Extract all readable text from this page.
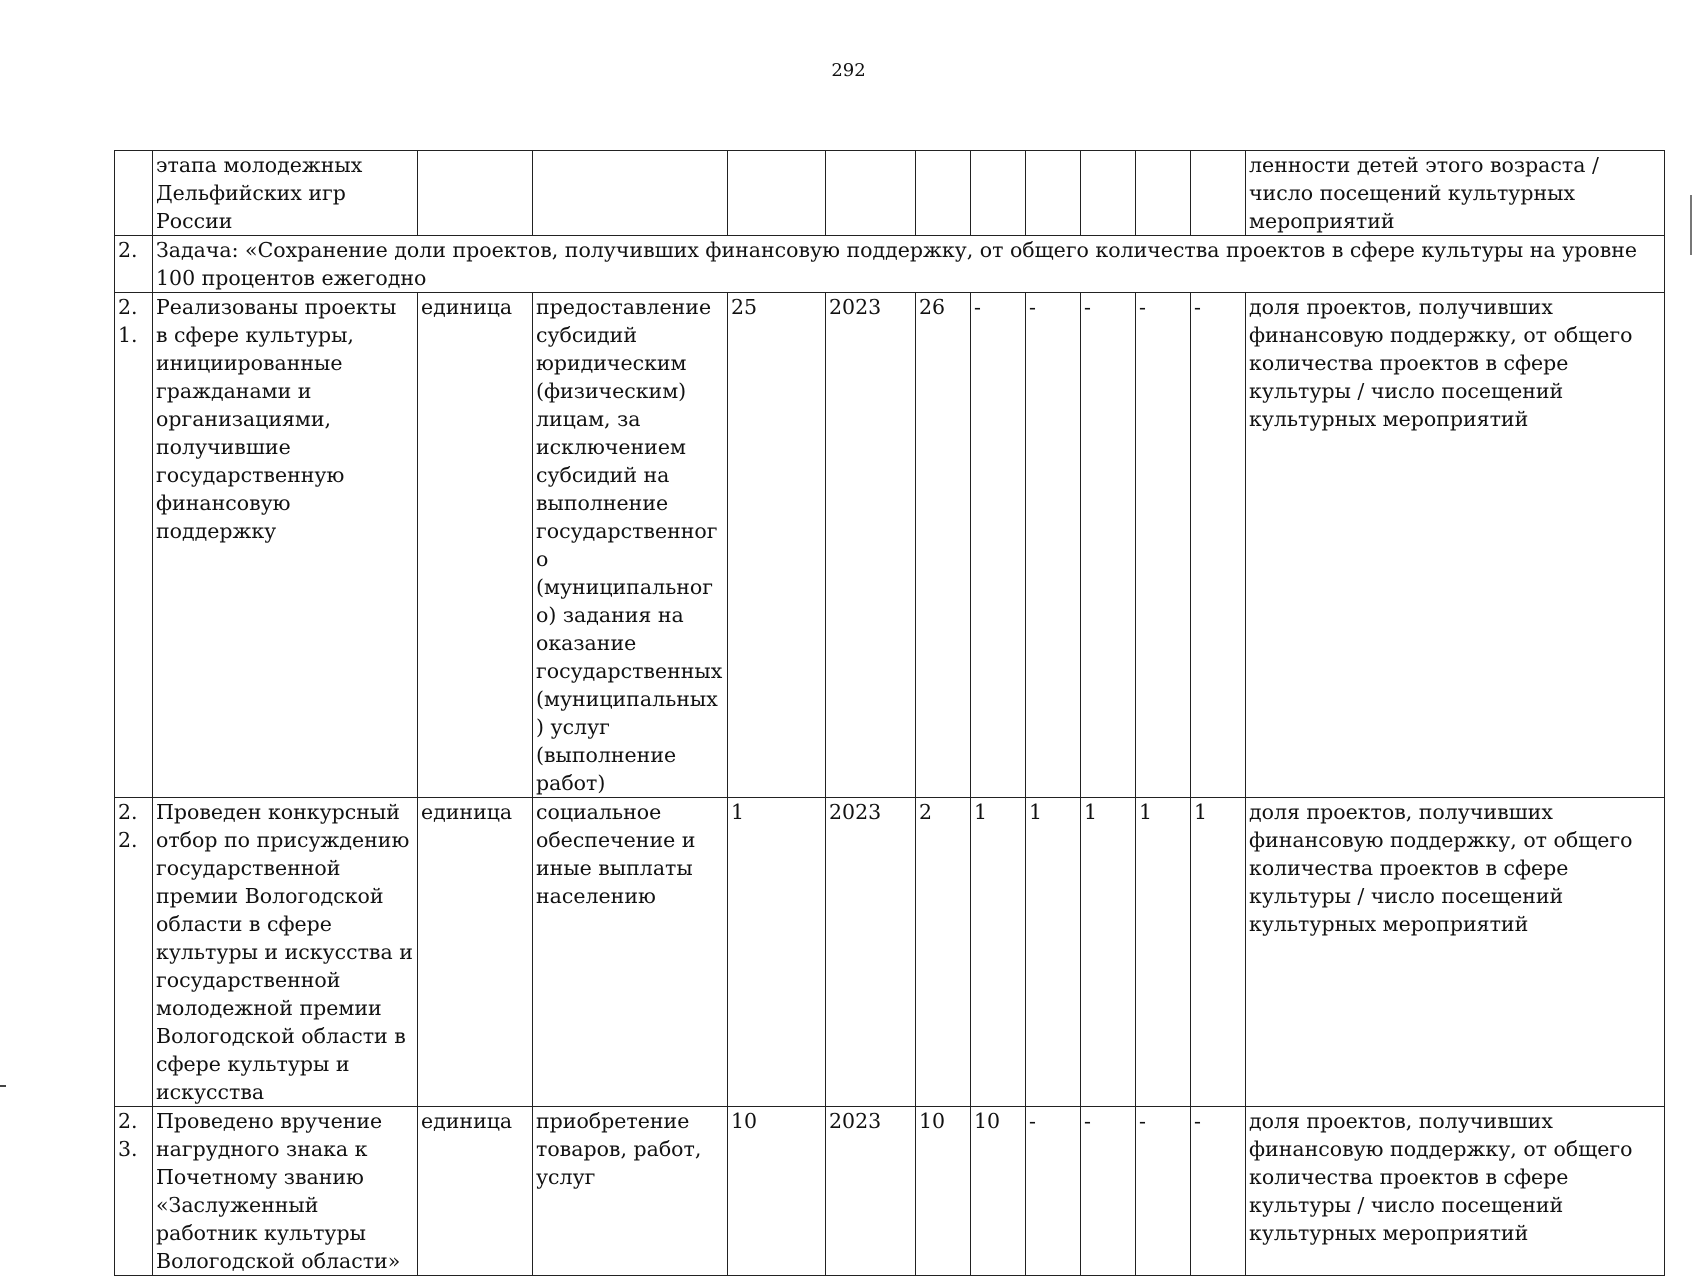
292
	этапа молодежных Дельфийских игр России											ленности детей этого возраста / число посещений культурных мероприятий
2.	Задача: «Сохранение доли проектов, получивших финансовую поддержку, от общего количества проектов в сфере культуры на уровне 100 процентов ежегодно											
2.1.	Реализованы проекты в сфере культуры, инициированные гражданами и организациями, получившие государственную финансовую поддержку	единица	предоставление субсидий юридическим (физическим) лицам, за исключением субсидий на выполнение государственного (муниципального) задания на оказание государственных (муниципальных) услуг (выполнение работ)	25	2023	26	-	-	-	-	-	доля проектов, получивших финансовую поддержку, от общего количества проектов в сфере культуры / число посещений культурных мероприятий
2.2.	Проведен конкурсный отбор по присуждению государственной премии Вологодской области в сфере культуры и искусства и государственной молодежной премии Вологодской области в сфере культуры и искусства	единица	социальное обеспечение и иные выплаты населению	1	2023	2	1	1	1	1	1	доля проектов, получивших финансовую поддержку, от общего количества проектов в сфере культуры / число посещений культурных мероприятий
2.3.	Проведено вручение нагрудного знака к Почетному званию «Заслуженный работник культуры Вологодской области»	единица	приобретение товаров, работ, услуг	10	2023	10	10	-	-	-	-	доля проектов, получивших финансовую поддержку, от общего количества проектов в сфере культуры / число посещений культурных мероприятий
